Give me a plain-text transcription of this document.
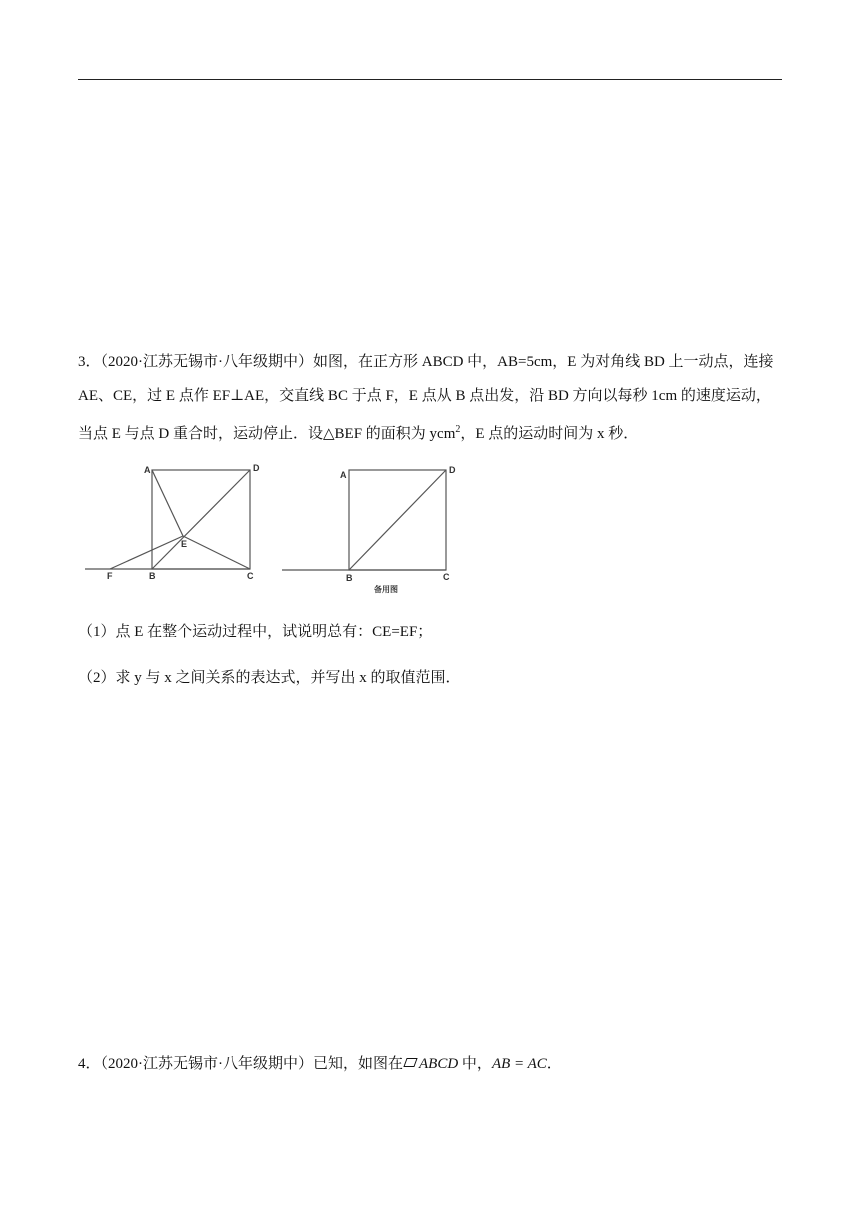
3．（2020·江苏无锡市·八年级期中）如图，在正方形 ABCD 中，AB=5cm，E 为对角线 BD 上一动点，连接
AE、CE，过 E 点作 EF⊥AE，交直线 BC 于点 F，E 点从 B 点出发，沿 BD 方向以每秒 1cm 的速度运动，
当点 E 与点 D 重合时，运动停止．设△BEF 的面积为 ycm$^2$，E 点的运动时间为 x 秒．
A	D
E
F	B	C
A	D
B	C
备用图
（1）点 E 在整个运动过程中，试说明总有：CE=EF；
（2）求 y 与 x 之间关系的表达式，并写出 x 的取值范围．
4．（2020·江苏无锡市·八年级期中）已知，如图在 ABCD 中，AB = AC．
